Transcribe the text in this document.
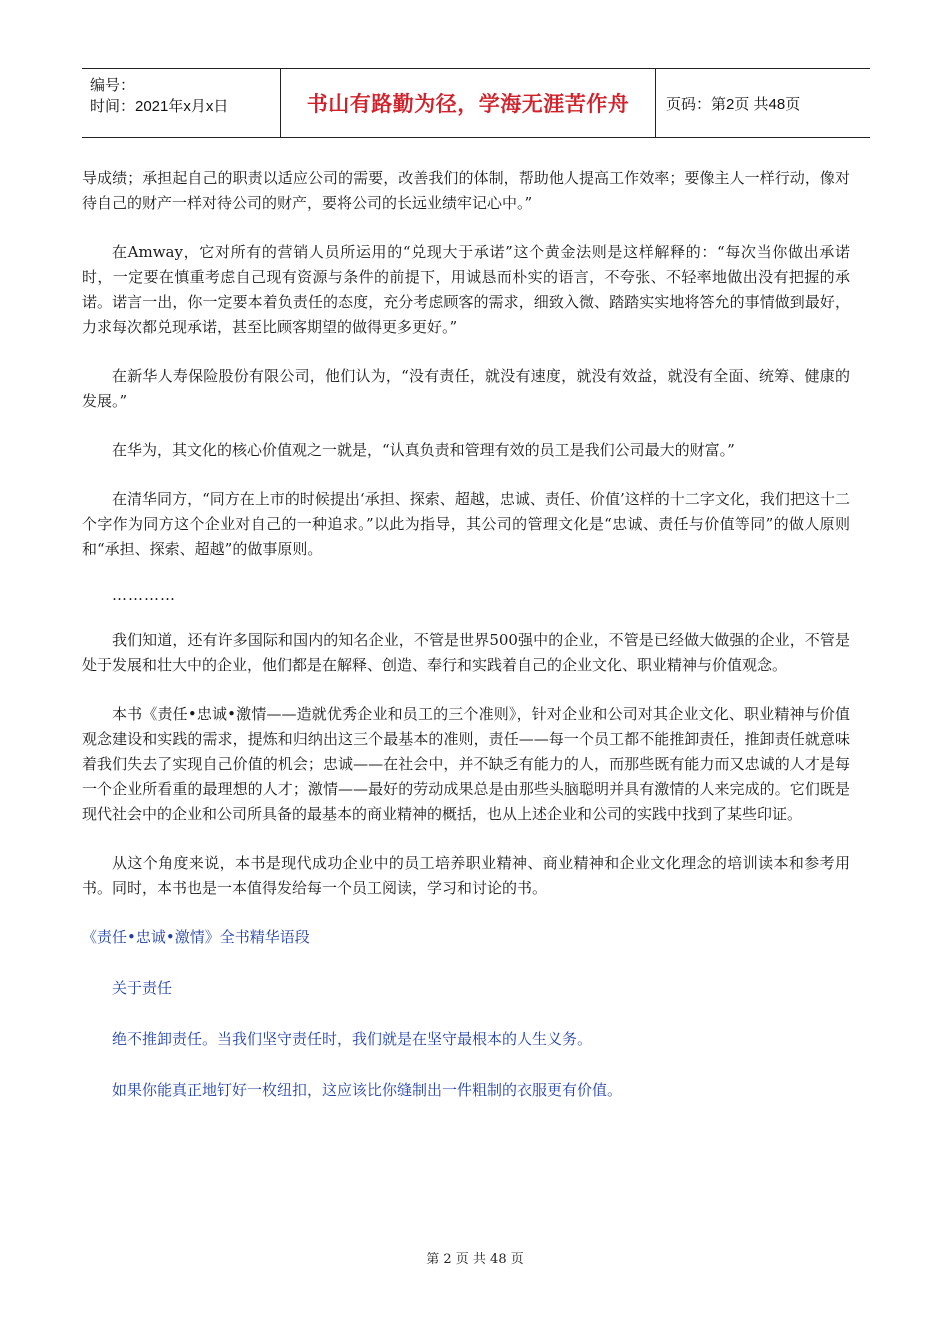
编号：
时间：2021年x月x日	书山有路勤为径，学海无涯苦作舟	页码：第2页 共48页

导成绩；承担起自己的职责以适应公司的需要，改善我们的体制，帮助他人提高工作效率；要像主人一样行动，像对待自己的财产一样对待公司的财产，要将公司的长远业绩牢记心中。”

在Amway，它对所有的营销人员所运用的“兑现大于承诺”这个黄金法则是这样解释的：“每次当你做出承诺时，一定要在慎重考虑自己现有资源与条件的前提下，用诚恳而朴实的语言，不夸张、不轻率地做出没有把握的承诺。诺言一出，你一定要本着负责任的态度，充分考虑顾客的需求，细致入微、踏踏实实地将答允的事情做到最好，力求每次都兑现承诺，甚至比顾客期望的做得更多更好。”

在新华人寿保险股份有限公司，他们认为，“没有责任，就没有速度，就没有效益，就没有全面、统筹、健康的发展。”

在华为，其文化的核心价值观之一就是，“认真负责和管理有效的员工是我们公司最大的财富。”

在清华同方，“同方在上市的时候提出‘承担、探索、超越，忠诚、责任、价值’这样的十二字文化，我们把这十二个字作为同方这个企业对自己的一种追求。”以此为指导，其公司的管理文化是“忠诚、责任与价值等同”的做人原则和“承担、探索、超越”的做事原则。

…………

我们知道，还有许多国际和国内的知名企业，不管是世界500强中的企业，不管是已经做大做强的企业，不管是处于发展和壮大中的企业，他们都是在解释、创造、奉行和实践着自己的企业文化、职业精神与价值观念。

本书《责任•忠诚•激情——造就优秀企业和员工的三个准则》，针对企业和公司对其企业文化、职业精神与价值观念建设和实践的需求，提炼和归纳出这三个最基本的准则，责任——每一个员工都不能推卸责任，推卸责任就意味着我们失去了实现自己价值的机会；忠诚——在社会中，并不缺乏有能力的人，而那些既有能力而又忠诚的人才是每一个企业所看重的最理想的人才；激情——最好的劳动成果总是由那些头脑聪明并具有激情的人来完成的。它们既是现代社会中的企业和公司所具备的最基本的商业精神的概括，也从上述企业和公司的实践中找到了某些印证。

从这个角度来说，本书是现代成功企业中的员工培养职业精神、商业精神和企业文化理念的培训读本和参考用书。同时，本书也是一本值得发给每一个员工阅读，学习和讨论的书。

《责任•忠诚•激情》全书精华语段
关于责任
绝不推卸责任。当我们坚守责任时，我们就是在坚守最根本的人生义务。
如果你能真正地钉好一枚纽扣，这应该比你缝制出一件粗制的衣服更有价值。
第 2 页 共 48 页
